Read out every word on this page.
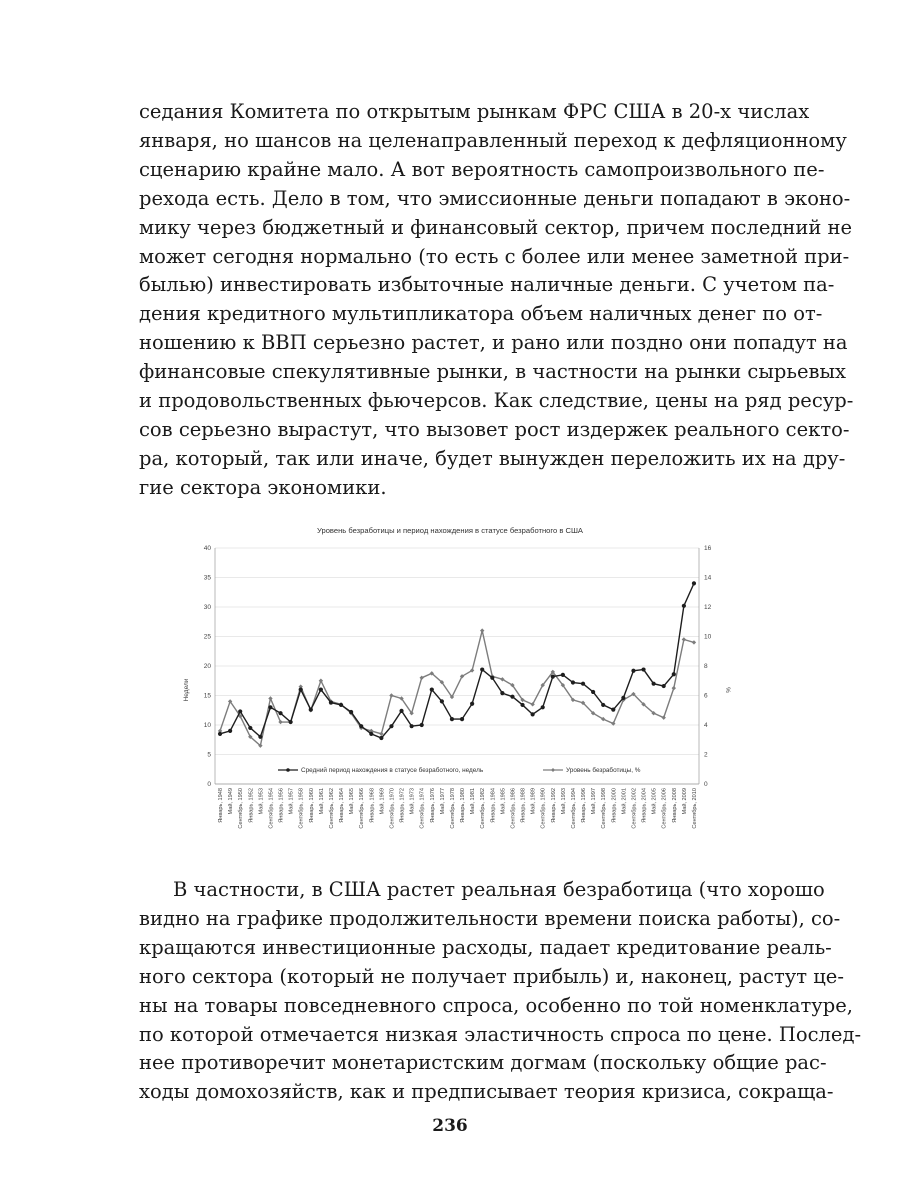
седания Комитета по открытым рынкам ФРС США в 20-х числах
января, но шансов на целенаправленный переход к дефляционному
сценарию крайне мало. А вот вероятность самопроизвольного пе-
рехода есть. Дело в том, что эмиссионные деньги попадают в эконо-
мику через бюджетный и финансовый сектор, причем последний не
может сегодня нормально (то есть с более или менее заметной при-
былью) инвестировать избыточные наличные деньги. С учетом па-
дения кредитного мультипликатора объем наличных денег по от-
ношению к ВВП серьезно растет, и рано или поздно они попадут на
финансовые спекулятивные рынки, в частности на рынки сырьевых
и продовольственных фьючерсов. Как следствие, цены на ряд ресур-
сов серьезно вырастут, что вызовет рост издержек реального секто-
ра, который, так или иначе, будет вынужден переложить их на дру-
гие сектора экономики.
Уровень безработицы и период нахождения в статусе безработного в США
Недели	%
0
5
10
15
20
25
30
35
40
0
2
4
6
8
10
12
14
16
Январь, 1948 Май, 1949 Сентябрь, 1950 Январь, 1952 Май, 1953 Сентябрь, 1954 Январь, 1956 Май, 1957 Сентябрь, 1958 Январь, 1960 Май, 1961 Сентябрь, 1962 Январь, 1964 Май, 1965 Сентябрь, 1966 Январь, 1968 Май, 1969 Сентябрь, 1970 Январь, 1972 Май, 1973 Сентябрь, 1974 Январь, 1976 Май, 1977 Сентябрь, 1978 Январь, 1980 Май, 1981 Сентябрь, 1982 Январь, 1984 Май, 1985 Сентябрь, 1986 Январь, 1988 Май, 1989 Сентябрь, 1990 Январь, 1992 Май, 1993 Сентябрь, 1994 Январь, 1996 Май, 1997 Сентябрь, 1998 Январь, 2000 Май, 2001 Сентябрь, 2002 Январь, 2004 Май, 2005 Сентябрь, 2006 Январь, 2008 Май, 2009 Сентябрь, 2010
Средний период нахождения в статусе безработного, недель	Уровень безработицы, %
В частности, в США растет реальная безработица (что хорошо
видно на графике продолжительности времени поиска работы), со-
кращаются инвестиционные расходы, падает кредитование реаль-
ного сектора (который не получает прибыль) и, наконец, растут це-
ны на товары повседневного спроса, особенно по той номенклатуре,
по которой отмечается низкая эластичность спроса по цене. Послед-
нее противоречит монетаристским догмам (поскольку общие рас-
ходы домохозяйств, как и предписывает теория кризиса, сокраща-
236
